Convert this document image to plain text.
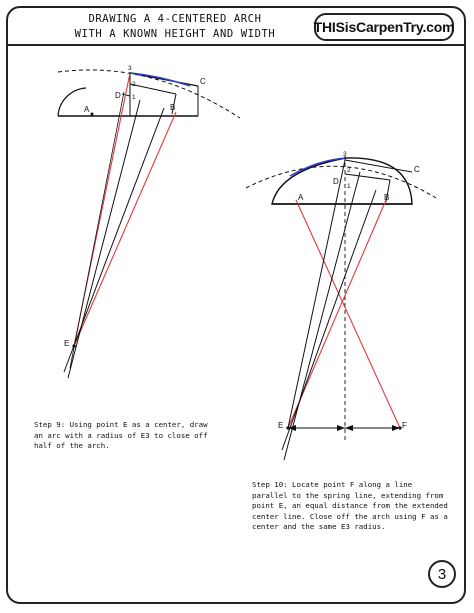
DRAWING A 4-CENTERED ARCH
WITH A KNOWN HEIGHT AND WIDTH	THISisCarpenTry.com
A	B
C
D
E
1
2
3
A	B
C
D
E	F
1
2
3
Step 9: Using point E as a center, draw an arc with a radius of E3 to close off half of the arch.
Step 10: Locate point F along a line parallel to the spring line, extending from point E, an equal distance from the extended center line. Close off the arch using F as a center and the same E3 radius.
3
